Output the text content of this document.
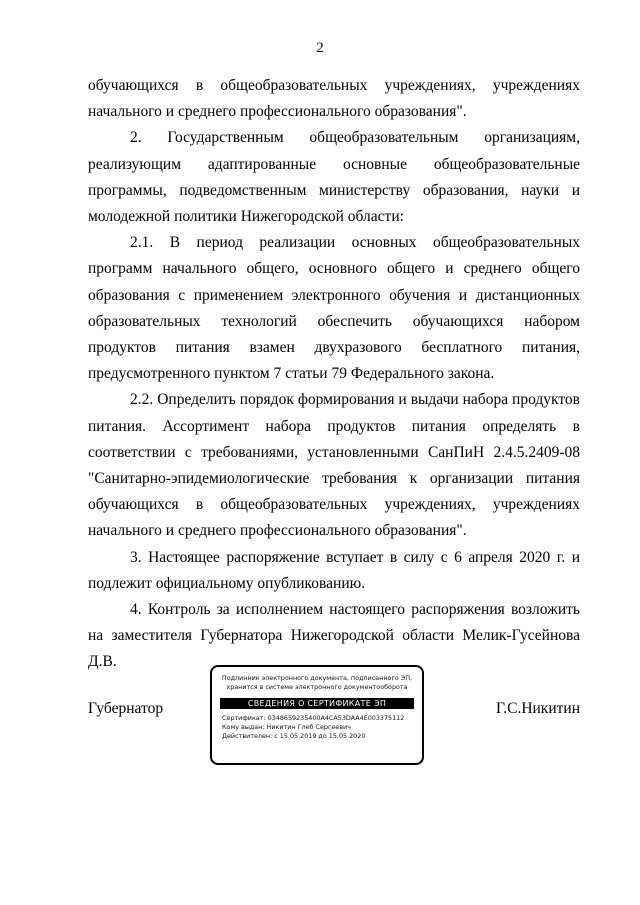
2

обучающихся в общеобразовательных учреждениях, учреждениях начального и среднего профессионального образования".

2. Государственным общеобразовательным организациям, реализующим адаптированные основные общеобразовательные программы, подведомственным министерству образования, науки и молодежной политики Нижегородской области:

2.1. В период реализации основных общеобразовательных программ начального общего, основного общего и среднего общего образования с применением электронного обучения и дистанционных образовательных технологий обеспечить обучающихся набором продуктов питания взамен двухразового бесплатного питания, предусмотренного пунктом 7 статьи 79 Федерального закона.

2.2. Определить порядок формирования и выдачи набора продуктов питания. Ассортимент набора продуктов питания определять в соответствии с требованиями, установленными СанПиН 2.4.5.2409-08 "Санитарно-эпидемиологические требования к организации питания обучающихся в общеобразовательных учреждениях, учреждениях начального и среднего профессионального образования".

3. Настоящее распоряжение вступает в силу с 6 апреля 2020 г. и подлежит официальному опубликованию.

4. Контроль за исполнением настоящего распоряжения возложить на заместителя Губернатора Нижегородской области Мелик-Гусейнова Д.В.

Губернатор	Г.С.Никитин
Подлинник электронного документа, подписанного ЭП,
хранится в системе электронного документооборота
СВЕДЕНИЯ О СЕРТИФИКАТЕ ЭП
Сертификат: 0348659235400A4CA53DAA4E003375112
Кому выдан: Никитин Глеб Сергеевич
Действителен: с 15.05.2019 до 15.05.2020
